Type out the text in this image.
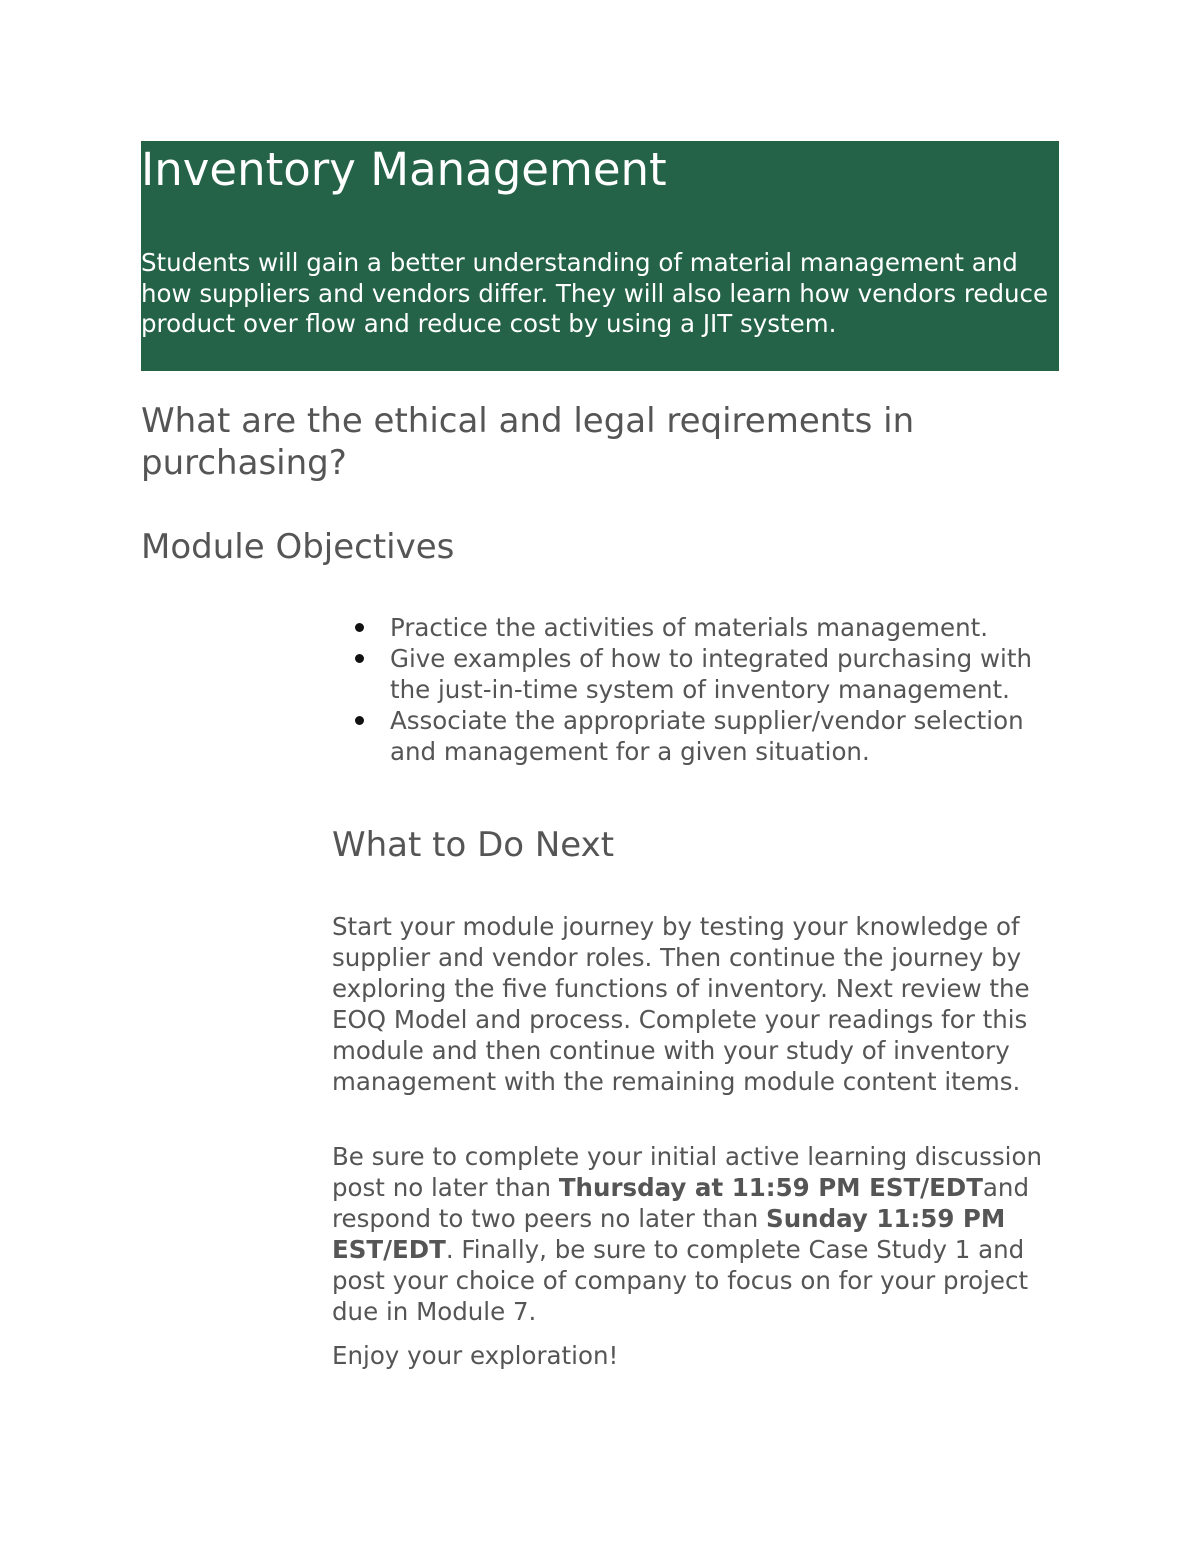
Inventory Management

Students will gain a better understanding of material management and how suppliers and vendors differ. They will also learn how vendors reduce product over flow and reduce cost by using a JIT system.

What are the ethical and legal reqirements in purchasing?
Module Objectives
Practice the activities of materials management.
Give examples of how to integrated purchasing with the just-in-time system of inventory management.
Associate the appropriate supplier/vendor selection and management for a given situation.
What to Do Next

Start your module journey by testing your knowledge of supplier and vendor roles. Then continue the journey by exploring the five functions of inventory. Next review the EOQ Model and process. Complete your readings for this module and then continue with your study of inventory management with the remaining module content items.

Be sure to complete your initial active learning discussion post no later than Thursday at 11:59 PM EST/EDTand respond to two peers no later than Sunday 11:59 PM EST/EDT. Finally, be sure to complete Case Study 1 and post your choice of company to focus on for your project due in Module 7.

Enjoy your exploration!
